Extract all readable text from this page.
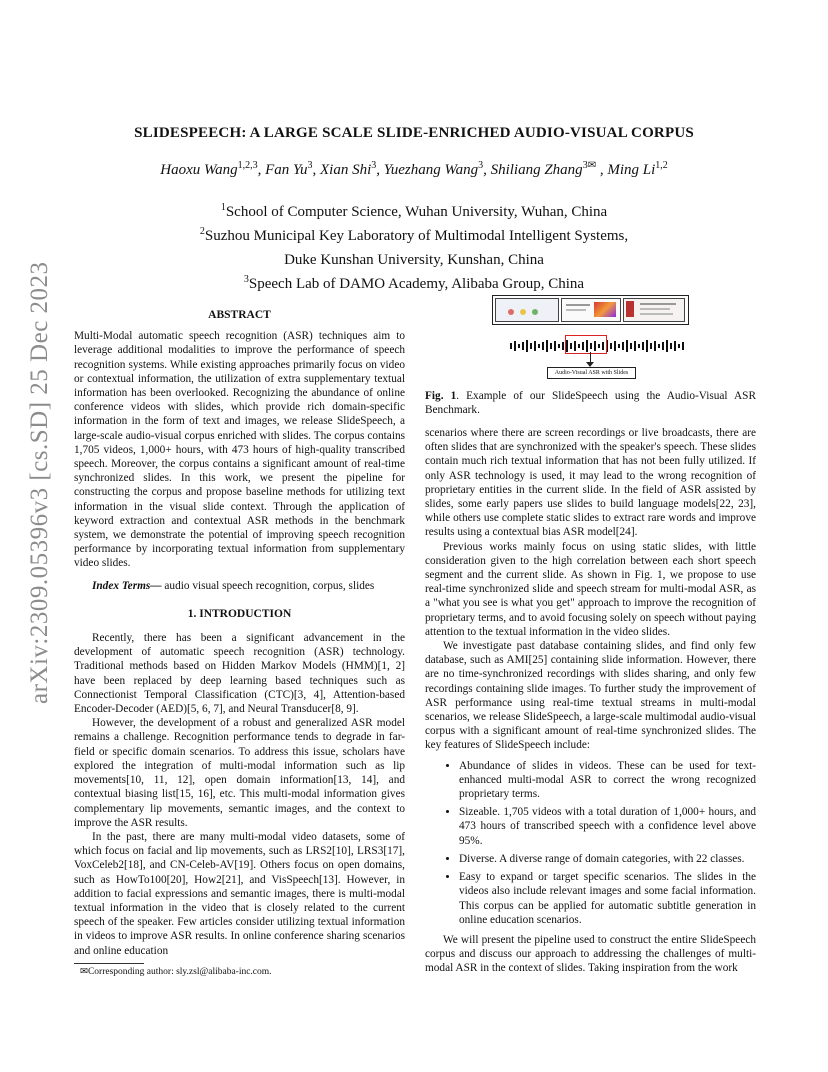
arXiv:2309.05396v3 [cs.SD] 25 Dec 2023
SLIDESPEECH: A LARGE SCALE SLIDE-ENRICHED AUDIO-VISUAL CORPUS
Haoxu Wang$^{1,2,3}$, Fan Yu$^3$, Xian Shi$^3$, Yuezhang Wang$^3$, Shiliang Zhang$^{3✉}$ , Ming Li$^{1,2}$
$^1$School of Computer Science, Wuhan University, Wuhan, China
$^2$Suzhou Municipal Key Laboratory of Multimodal Intelligent Systems,
Duke Kunshan University, Kunshan, China
$^3$Speech Lab of DAMO Academy, Alibaba Group, China
ABSTRACT

Multi-Modal automatic speech recognition (ASR) techniques aim to leverage additional modalities to improve the performance of speech recognition systems. While existing approaches primarily focus on video or contextual information, the utilization of extra supplementary textual information has been overlooked. Recognizing the abundance of online conference videos with slides, which provide rich domain-specific information in the form of text and images, we release SlideSpeech, a large-scale audio-visual corpus enriched with slides. The corpus contains 1,705 videos, 1,000+ hours, with 473 hours of high-quality transcribed speech. Moreover, the corpus contains a significant amount of real-time synchronized slides. In this work, we present the pipeline for constructing the corpus and propose baseline methods for utilizing text information in the visual slide context. Through the application of keyword extraction and contextual ASR methods in the benchmark system, we demonstrate the potential of improving speech recognition performance by incorporating textual information from supplementary video slides.

Index Terms— audio visual speech recognition, corpus, slides

1. INTRODUCTION

Recently, there has been a significant advancement in the development of automatic speech recognition (ASR) technology. Traditional methods based on Hidden Markov Models (HMM)[1, 2] have been replaced by deep learning based techniques such as Connectionist Temporal Classification (CTC)[3, 4], Attention-based Encoder-Decoder (AED)[5, 6, 7], and Neural Transducer[8, 9].

However, the development of a robust and generalized ASR model remains a challenge. Recognition performance tends to degrade in far-field or specific domain scenarios. To address this issue, scholars have explored the integration of multi-modal information such as lip movements[10, 11, 12], open domain information[13, 14], and contextual biasing list[15, 16], etc. This multi-modal information gives complementary lip movements, semantic images, and the context to improve the ASR results.

In the past, there are many multi-modal video datasets, some of which focus on facial and lip movements, such as LRS2[10], LRS3[17], VoxCeleb2[18], and CN-Celeb-AV[19]. Others focus on open domains, such as HowTo100[20], How2[21], and VisSpeech[13]. However, in addition to facial expressions and semantic images, there is multi-modal textual information in the video that is closely related to the current speech of the speaker. Few articles consider utilizing textual information in videos to improve ASR results. In online conference sharing scenarios and online education

✉Corresponding author: sly.zsl@alibaba-inc.com.
Audio-Visual ASR with Slides
Fig. 1. Example of our SlideSpeech using the Audio-Visual ASR Benchmark.

scenarios where there are screen recordings or live broadcasts, there are often slides that are synchronized with the speaker's speech. These slides contain much rich textual information that has not been fully utilized. If only ASR technology is used, it may lead to the wrong recognition of proprietary entities in the current slide. In the field of ASR assisted by slides, some early papers use slides to build language models[22, 23], while others use complete static slides to extract rare words and improve results using a contextual bias ASR model[24].

Previous works mainly focus on using static slides, with little consideration given to the high correlation between each short speech segment and the current slide. As shown in Fig. 1, we propose to use real-time synchronized slide and speech stream for multi-modal ASR, as a "what you see is what you get" approach to improve the recognition of proprietary terms, and to avoid focusing solely on speech without paying attention to the textual information in the video slides.

We investigate past database containing slides, and find only few database, such as AMI[25] containing slide information. However, there are no time-synchronized recordings with slides sharing, and only few recordings containing slide images. To further study the improvement of ASR performance using real-time textual streams in multi-modal scenarios, we release SlideSpeech, a large-scale multimodal audio-visual corpus with a significant amount of real-time synchronized slides. The key features of SlideSpeech include:

• Abundance of slides in videos. These can be used for text-enhanced multi-modal ASR to correct the wrong recognized proprietary terms.
• Sizeable. 1,705 videos with a total duration of 1,000+ hours, and 473 hours of transcribed speech with a confidence level above 95%.
• Diverse. A diverse range of domain categories, with 22 classes.
• Easy to expand or target specific scenarios. The slides in the videos also include relevant images and some facial information. This corpus can be applied for automatic subtitle generation in online education scenarios.

We will present the pipeline used to construct the entire SlideSpeech corpus and discuss our approach to addressing the challenges of multi-modal ASR in the context of slides. Taking inspiration from the work
